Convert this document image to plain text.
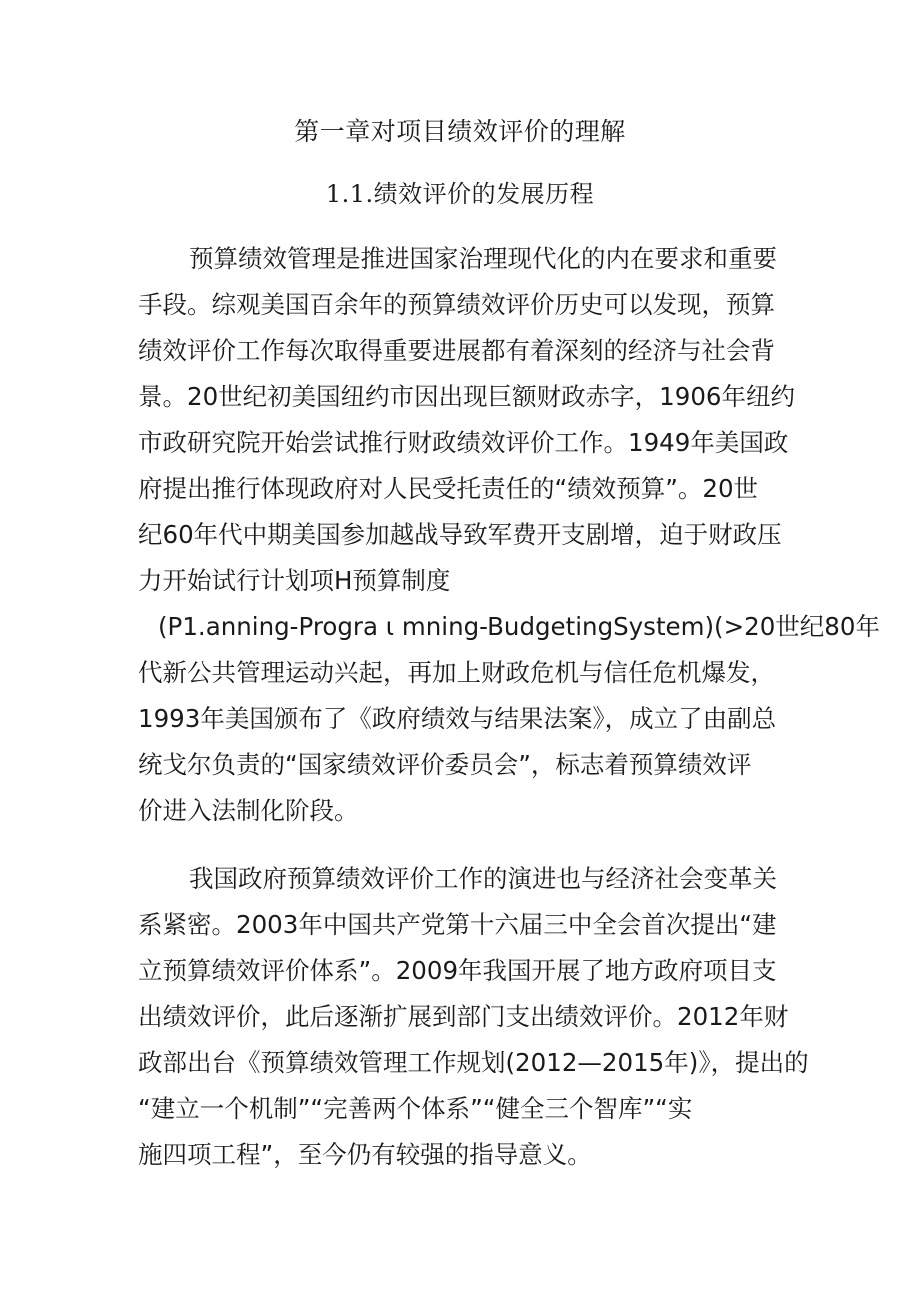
第一章对项目绩效评价的理解
1.1.绩效评价的发展历程
预算绩效管理是推进国家治理现代化的内在要求和重要
手段。综观美国百余年的预算绩效评价历史可以发现，预算
绩效评价工作每次取得重要进展都有着深刻的经济与社会背
景。20世纪初美国纽约市因出现巨额财政赤字，1906年纽约
市政研究院开始尝试推行财政绩效评价工作。1949年美国政
府提出推行体现政府对人民受托责任的“绩效预算”。20世
纪60年代中期美国参加越战导致军费开支剧增，迫于财政压
力开始试行计划项H预算制度
(P1.anning-Progra ι mning-BudgetingSystem)(>20世纪80年
代新公共管理运动兴起，再加上财政危机与信任危机爆发，
1993年美国颁布了《政府绩效与结果法案》，成立了由副总
统戈尔负责的“国家绩效评价委员会”，标志着预算绩效评
价进入法制化阶段。
我国政府预算绩效评价工作的演进也与经济社会变革关
系紧密。2003年中国共产党第十六届三中全会首次提出“建
立预算绩效评价体系”。2009年我国开展了地方政府项目支
出绩效评价，此后逐渐扩展到部门支出绩效评价。2012年财
政部出台《预算绩效管理工作规划(2012—2015年)》，提出的
“建立一个机制”“完善两个体系”“健全三个智库”“实
施四项工程”，至今仍有较强的指导意义。
